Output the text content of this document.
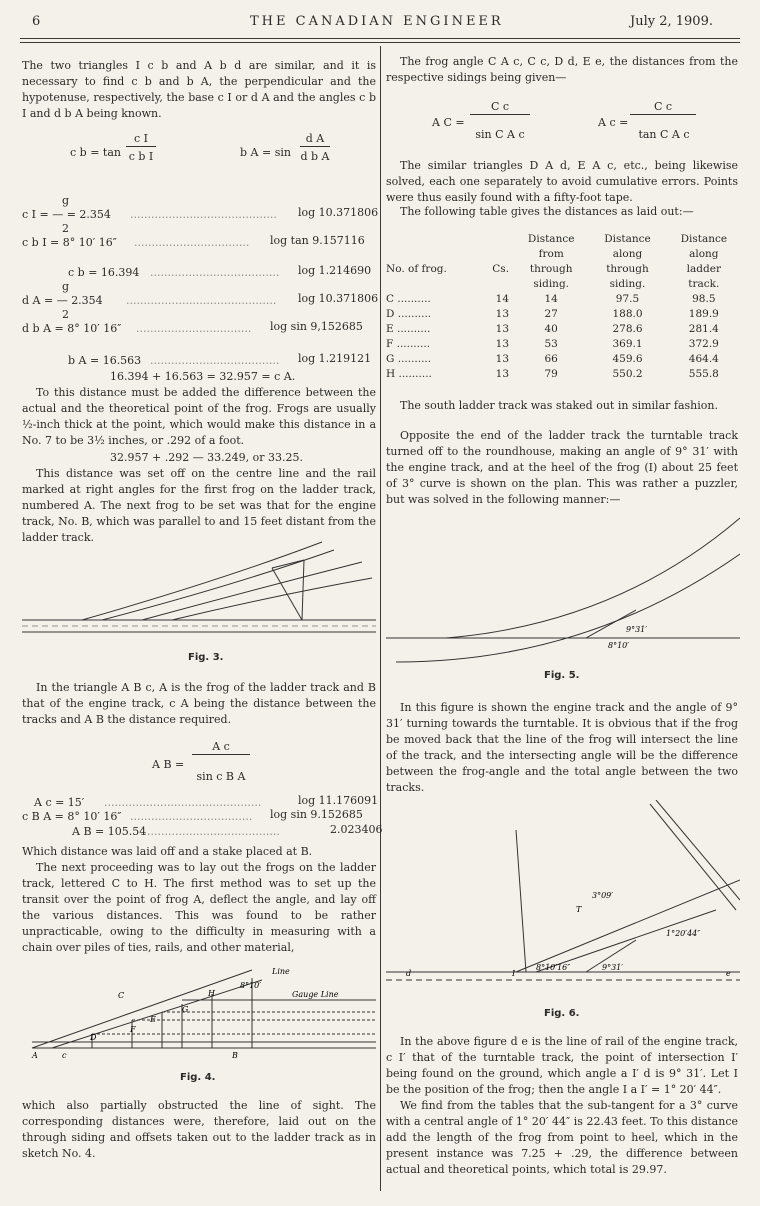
6	THE CANADIAN ENGINEER	July 2, 1909.
The two triangles I c b and A b d are similar, and it is necessary to find c b and b A, the perpendicular and the hypotenuse, respectively, the base c I or d A and the angles c b I and d b A being known.
c b = tan
c I
c b I	b A = sin
d A
d b A
g
c I = — = 2.354 .......................................... log 10.371806
2
c b I = 8° 10′ 16″ ................................. log tan 9.157116
c b = 16.394 ..................................... log 1.214690
g
d A = — 2.354 ........................................... log 10.371806
2
d b A = 8° 10′ 16″ ................................. log sin 9,152685
b A = 16.563 ..................................... log 1.219121
16.394 + 16.563 = 32.957 = c A.
To this distance must be added the difference between the actual and the theoretical point of the frog. Frogs are usually ½-inch thick at the point, which would make this distance in a No. 7 to be 3½ inches, or .292 of a foot.
32.957 + .292 — 33.249, or 33.25.
This distance was set off on the centre line and the rail marked at right angles for the first frog on the ladder track, numbered A. The next frog to be set was that for the engine track, No. B, which was parallel to and 15 feet distant from the ladder track.
Fig. 3.
In the triangle A B c, A is the frog of the ladder track and B that of the engine track, c A being the distance between the tracks and A B the distance required.
A B =
A c
sin c B A
A c = 15′ .............................................	log 11.176091
c B A = 8° 10′ 16″ ................................... log sin 9.152685
A B = 105.54
........................................	2.023406
Which distance was laid off and a stake placed at B.
The next proceeding was to lay out the frogs on the ladder track, lettered C to H. The first method was to set up the transit over the point of frog A, deflect the angle, and lay off the various distances. This was found to be rather unpracticable, owing to the difficulty in measuring with a chain over piles of ties, rails, and other material,
Gauge Line
Line
8°10′
H
G
E
D
A	c	B
F
C
Fig. 4.
which also partially obstructed the line of sight. The corresponding distances were, therefore, laid out on the through siding and offsets taken out to the ladder track as in sketch No. 4.
The frog angle C A c, C c, D d, E e, the distances from the respective sidings being given—
A C =
C c
sin C A c
A c =
C c
tan C A c
The similar triangles D A d, E A c, etc., being likewise solved, each one separately to avoid cumulative errors. Points were thus easily found with a fifty-foot tape.
The following table gives the distances as laid out:—
		Distance	Distance	Distance
		from	along	along
No. of frog.	Cs.	through	through	ladder
		siding.	siding.	track.
C ..........	14	14	97.5	98.5
D ..........	13	27	188.0	189.9
E ..........	13	40	278.6	281.4
F ..........	13	53	369.1	372.9
G ..........	13	66	459.6	464.4
H ..........	13	79	550.2	555.8
The south ladder track was staked out in similar fashion.
Opposite the end of the ladder track the turntable track turned off to the roundhouse, making an angle of 9° 31′ with the engine track, and at the heel of the frog (I) about 25 feet of 3° curve is shown on the plan. This was rather a puzzler, but was solved in the following manner:—
9°31′
8°10′
Fig. 5.
In this figure is shown the engine track and the angle of 9° 31′ turning towards the turntable. It is obvious that if the frog be moved back that the line of the frog will intersect the line of the track, and the intersecting angle will be the difference between the frog-angle and the total angle between the two tracks.
1°20′44″
8°10′16″	9°31′
3°09′
d	e
I
T
Fig. 6.
In the above figure d e is the line of rail of the engine track, c I′ that of the turntable track, the point of intersection I′ being found on the ground, which angle a I′ d is 9° 31′. Let I be the position of the frog; then the angle I a I′ = 1° 20′ 44″.
We find from the tables that the sub-tangent for a 3° curve with a central angle of 1° 20′ 44″ is 22.43 feet. To this distance add the length of the frog from point to heel, which in the present instance was 7.25 + .29, the difference between actual and theoretical points, which total is 29.97.
